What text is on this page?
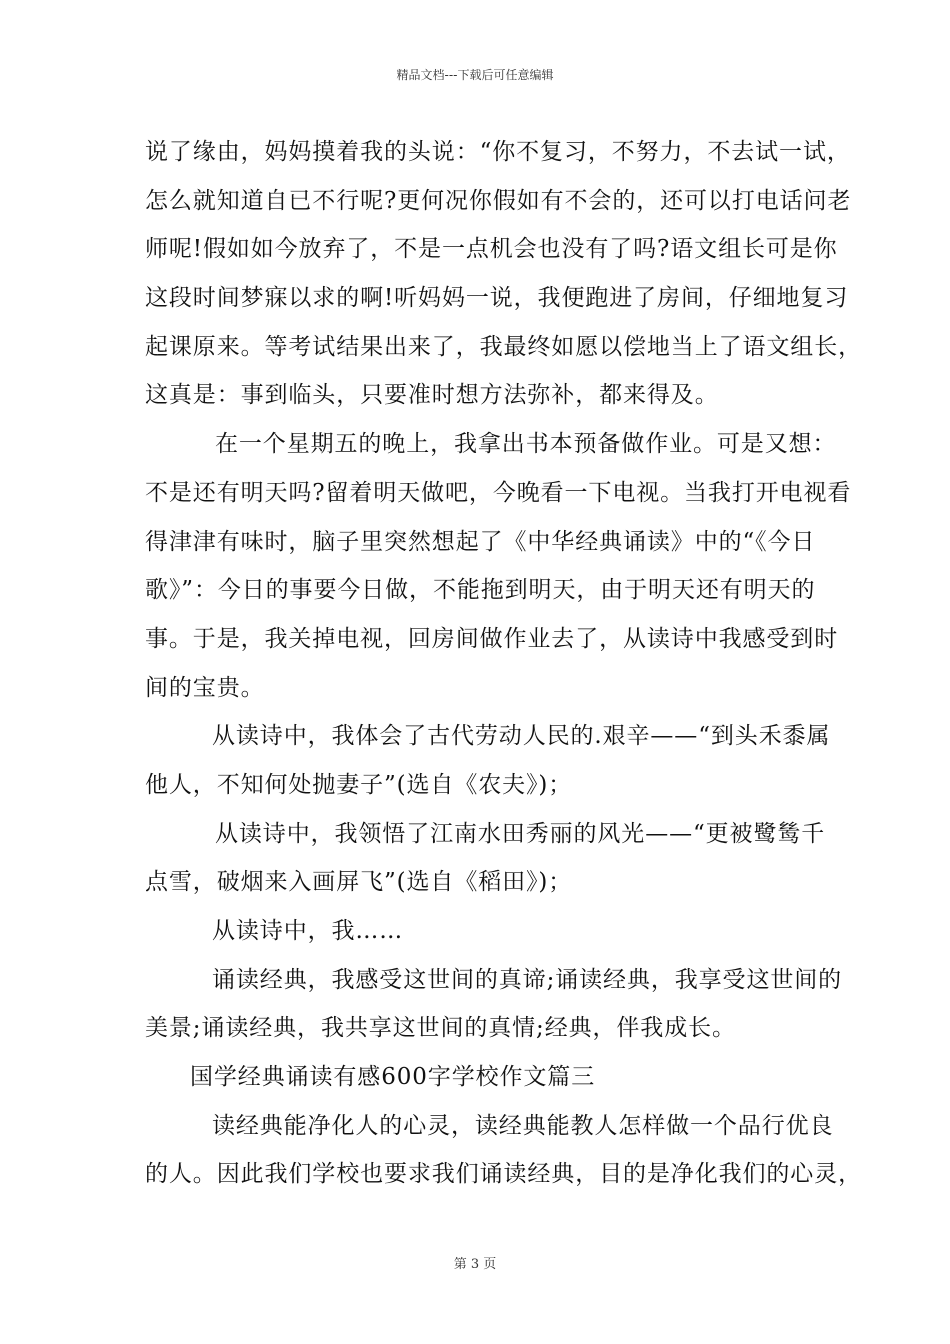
精品文档---下载后可任意编辑
说了缘由，妈妈摸着我的头说：“你不复习，不努力，不去试一试，
怎么就知道自已不行呢?更何况你假如有不会的，还可以打电话问老
师呢!假如如今放弃了，不是一点机会也没有了吗?语文组长可是你
这段时间梦寐以求的啊!听妈妈一说，我便跑进了房间，仔细地复习
起课原来。等考试结果出来了，我最终如愿以偿地当上了语文组长，
这真是：事到临头，只要准时想方法弥补，都来得及。
在一个星期五的晚上，我拿出书本预备做作业。可是又想：
不是还有明天吗?留着明天做吧，今晚看一下电视。当我打开电视看
得津津有味时，脑子里突然想起了《中华经典诵读》中的“《今日
歌》”：今日的事要今日做，不能拖到明天，由于明天还有明天的
事。于是，我关掉电视，回房间做作业去了，从读诗中我感受到时
间的宝贵。
从读诗中，我体会了古代劳动人民的.艰辛——“到头禾黍属
他人，不知何处抛妻子”(选自《农夫》)；
从读诗中，我领悟了江南水田秀丽的风光——“更被鹭鸶千
点雪，破烟来入画屏飞”(选自《稻田》)；
从读诗中，我……
诵读经典，我感受这世间的真谛;诵读经典，我享受这世间的
美景;诵读经典，我共享这世间的真情;经典，伴我成长。
国学经典诵读有感600字学校作文篇三
读经典能净化人的心灵，读经典能教人怎样做一个品行优良
的人。因此我们学校也要求我们诵读经典，目的是净化我们的心灵，
第 3 页
